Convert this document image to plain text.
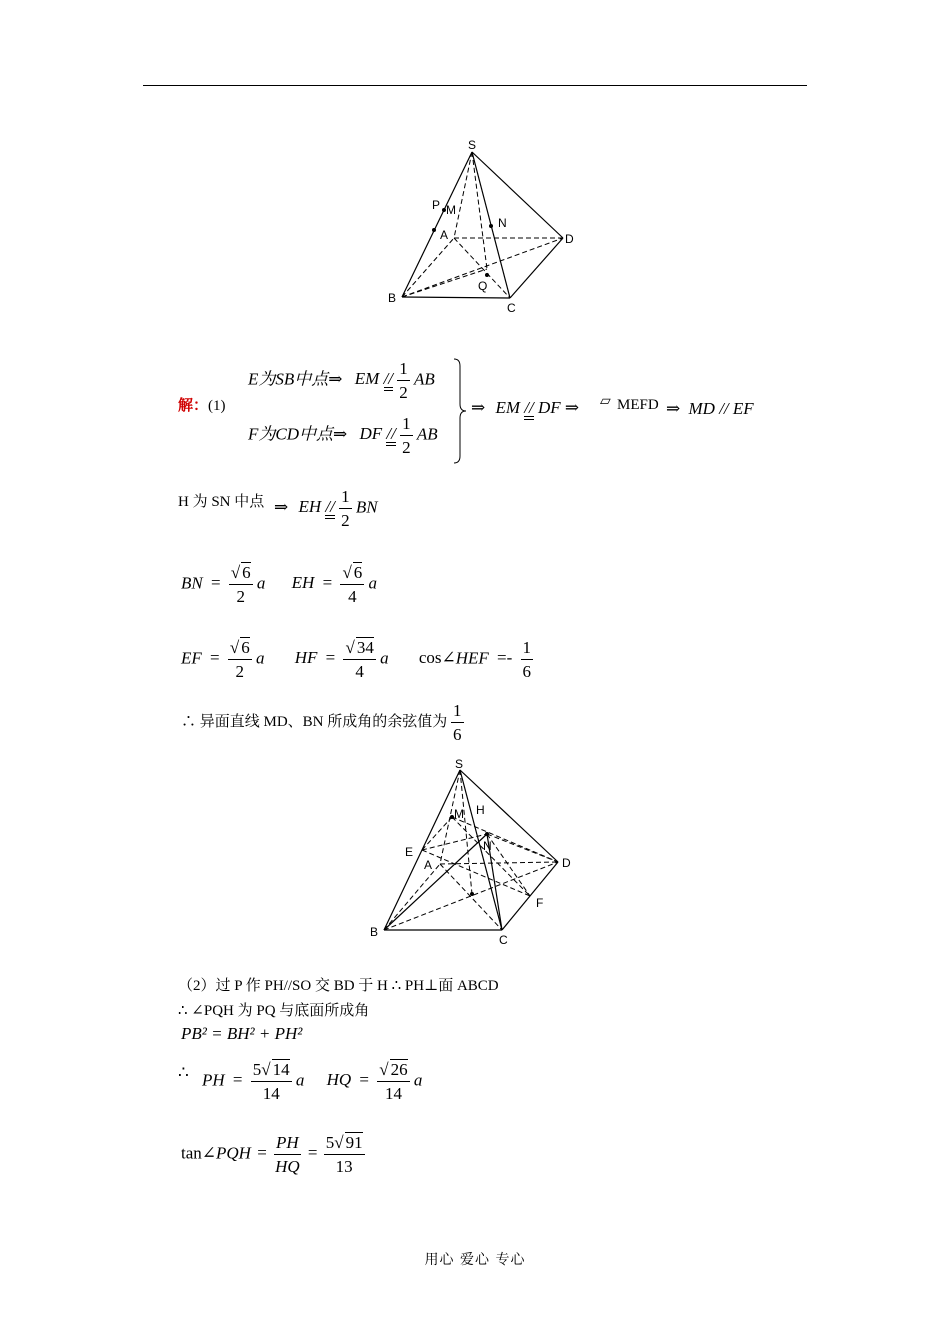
S
P M
N
A	D
B
C
Q
解：(1)
E为SB中点⇒ EM //
$\frac{1}{2}$ AB
F为CD中点⇒ DF //
$\frac{1}{2}$ AB
⇒ EM // DF ⇒ ▱ MEFD ⇒ MD // EF
H 为 SN 中点 ⇒ EH //
$\frac{1}{2}$ BN
BN = $\frac{√ 6}{2}$ a EH = $\frac{√ 6}{4}$ a
EF = $\frac{√ 6}{2}$ a HF = $\frac{√ 34}{4}$ a cos∠HEF =- $\frac{1}{6}$
∴ 异面直线 MD、BN 所成角的余弦值为 $\frac{1}{6}$
S
M H
E
A
N
D
F
B
C
（2）过 P 作 PH//SO 交 BD 于 H ∴ PH⊥面 ABCD
∴ ∠PQH 为 PQ 与底面所成角
PB² = BH² + PH²
∴ PH = $\frac{5√ 14}{14}$ a HQ = $\frac{√ 26}{14}$ a
tan∠PQH = $\frac{PH}{HQ} = \frac{5√ 91}{13}$
用心 爱心 专心
